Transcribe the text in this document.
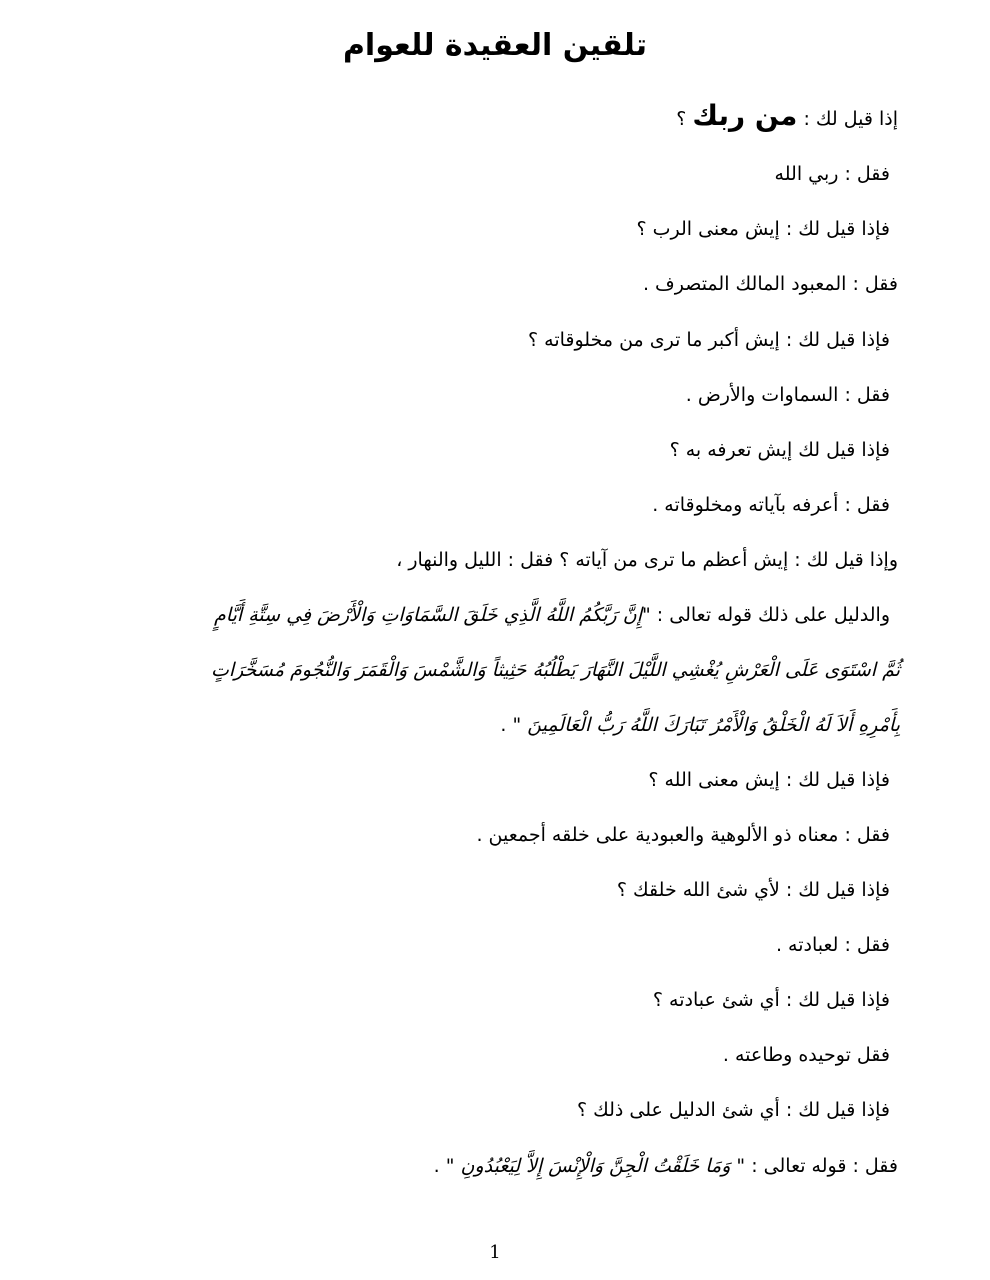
تلقين العقيدة للعوام
إذا قيل لك : من ربك ؟
فقل : ربي الله
فإذا قيل لك : إيش معنى الرب ؟
فقل : المعبود المالك المتصرف .
فإذا قيل لك : إيش أكبر ما ترى من مخلوقاته ؟
فقل : السماوات والأرض .
فإذا قيل لك إيش تعرفه به ؟
فقل : أعرفه بآياته ومخلوقاته .
وإذا قيل لك : إيش أعظم ما ترى من آياته ؟ فقل : الليل والنهار ،
والدليل على ذلك قوله تعالى : "إِنَّ رَبَّكُمُ اللَّهُ الَّذِي خَلَقَ السَّمَاوَاتِ وَالْأَرْضَ فِي سِتَّةِ أَيَّامٍ
ثُمَّ اسْتَوَى عَلَى الْعَرْشِ يُغْشِي اللَّيْلَ النَّهَارَ يَطْلُبُهُ حَثِيثاً وَالشَّمْسَ وَالْقَمَرَ وَالنُّجُومَ مُسَخَّرَاتٍ
بِأَمْرِهِ أَلاَ لَهُ الْخَلْقُ وَالْأَمْرُ تَبَارَكَ اللَّهُ رَبُّ الْعَالَمِينَ " .
فإذا قيل لك : إيش معنى الله ؟
فقل : معناه ذو الألوهية والعبودية على خلقه أجمعين .
فإذا قيل لك : لأي شئ الله خلقك ؟
فقل : لعبادته .
فإذا قيل لك : أي شئ عبادته ؟
فقل توحيده وطاعته .
فإذا قيل لك : أي شئ الدليل على ذلك ؟
فقل : قوله تعالى : " وَمَا خَلَقْتُ الْجِنَّ وَالْإِنْسَ إِلاَّ لِيَعْبُدُونِ " .
1
